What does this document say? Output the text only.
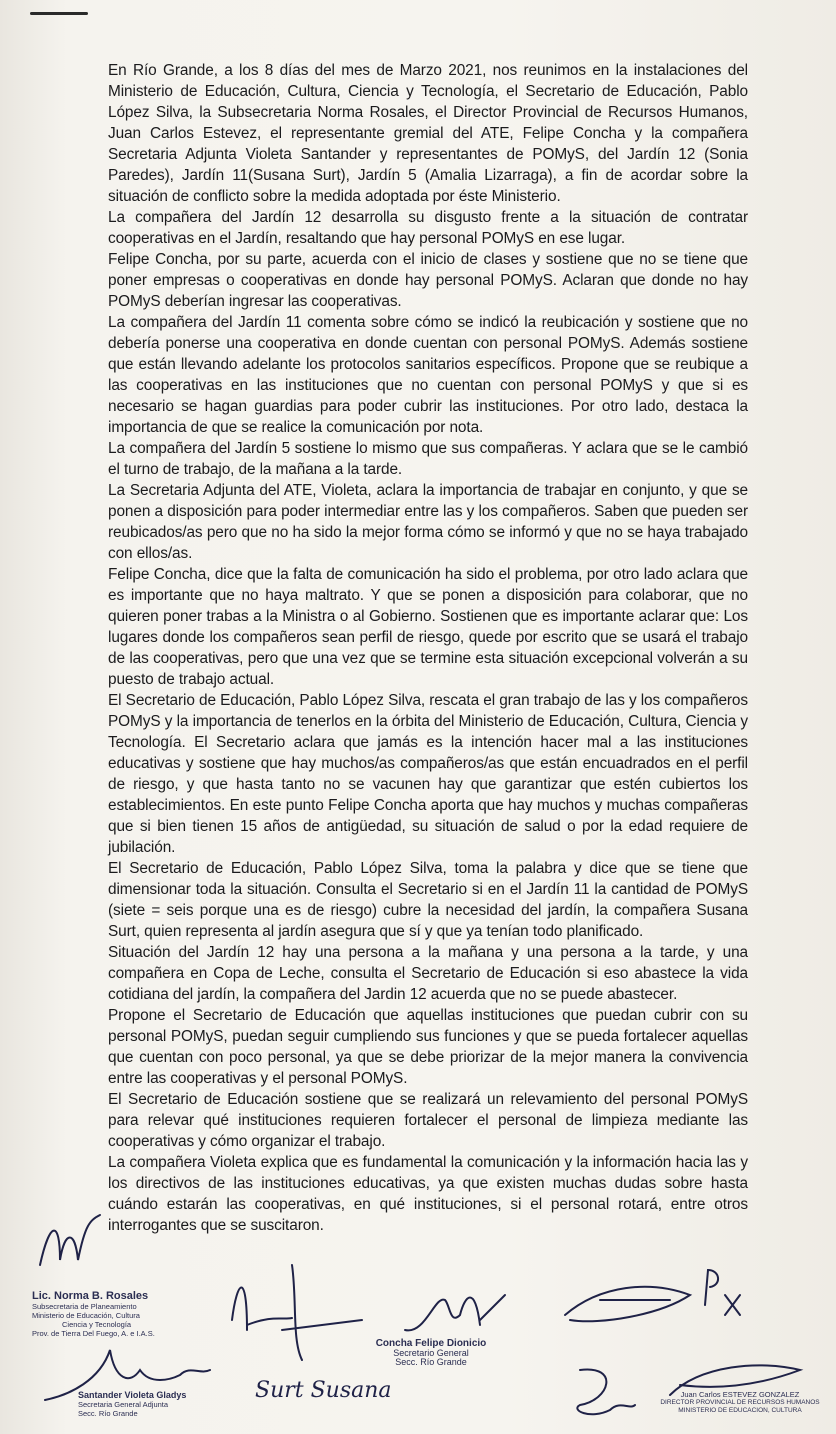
En Río Grande, a los 8 días del mes de Marzo 2021, nos reunimos en la instalaciones del Ministerio de Educación, Cultura, Ciencia y Tecnología, el Secretario de Educación, Pablo López Silva, la Subsecretaria Norma Rosales, el Director Provincial de Recursos Humanos, Juan Carlos Estevez, el representante gremial del ATE, Felipe Concha y la compañera Secretaria Adjunta Violeta Santander y representantes de POMyS, del Jardín 12 (Sonia Paredes), Jardín 11(Susana Surt), Jardín 5 (Amalia Lizarraga), a fin de acordar sobre la situación de conflicto sobre la medida adoptada por éste Ministerio.

La compañera del Jardín 12 desarrolla su disgusto frente a la situación de contratar cooperativas en el Jardín, resaltando que hay personal POMyS en ese lugar.

Felipe Concha, por su parte, acuerda con el inicio de clases y sostiene que no se tiene que poner empresas o cooperativas en donde hay personal POMyS. Aclaran que donde no hay POMyS deberían ingresar las cooperativas.

La compañera del Jardín 11 comenta sobre cómo se indicó la reubicación y sostiene que no debería ponerse una cooperativa en donde cuentan con personal POMyS. Además sostiene que están llevando adelante los protocolos sanitarios específicos. Propone que se reubique a las cooperativas en las instituciones que no cuentan con personal POMyS y que si es necesario se hagan guardias para poder cubrir las instituciones. Por otro lado, destaca la importancia de que se realice la comunicación por nota.

La compañera del Jardín 5 sostiene lo mismo que sus compañeras. Y aclara que se le cambió el turno de trabajo, de la mañana a la tarde.

La Secretaria Adjunta del ATE, Violeta, aclara la importancia de trabajar en conjunto, y que se ponen a disposición para poder intermediar entre las y los compañeros. Saben que pueden ser reubicados/as pero que no ha sido la mejor forma cómo se informó y que no se haya trabajado con ellos/as.

Felipe Concha, dice que la falta de comunicación ha sido el problema, por otro lado aclara que es importante que no haya maltrato. Y que se ponen a disposición para colaborar, que no quieren poner trabas a la Ministra o al Gobierno. Sostienen que es importante aclarar que: Los lugares donde los compañeros sean perfil de riesgo, quede por escrito que se usará el trabajo de las cooperativas, pero que una vez que se termine esta situación excepcional volverán a su puesto de trabajo actual.

El Secretario de Educación, Pablo López Silva, rescata el gran trabajo de las y los compañeros POMyS y la importancia de tenerlos en la órbita del Ministerio de Educación, Cultura, Ciencia y Tecnología. El Secretario aclara que jamás es la intención hacer mal a las instituciones educativas y sostiene que hay muchos/as compañeros/as que están encuadrados en el perfil de riesgo, y que hasta tanto no se vacunen hay que garantizar que estén cubiertos los establecimientos. En este punto Felipe Concha aporta que hay muchos y muchas compañeras que si bien tienen 15 años de antigüedad, su situación de salud o por la edad requiere de jubilación.

El Secretario de Educación, Pablo López Silva, toma la palabra y dice que se tiene que dimensionar toda la situación. Consulta el Secretario si en el Jardín 11 la cantidad de POMyS (siete = seis porque una es de riesgo) cubre la necesidad del jardín, la compañera Susana Surt, quien representa al jardín asegura que sí y que ya tenían todo planificado.

Situación del Jardín 12 hay una persona a la mañana y una persona a la tarde, y una compañera en Copa de Leche, consulta el Secretario de Educación si eso abastece la vida cotidiana del jardín, la compañera del Jardin 12 acuerda que no se puede abastecer.

Propone el Secretario de Educación que aquellas instituciones que puedan cubrir con su personal POMyS, puedan seguir cumpliendo sus funciones y que se pueda fortalecer aquellas que cuentan con poco personal, ya que se debe priorizar de la mejor manera la convivencia entre las cooperativas y el personal POMyS.

El Secretario de Educación sostiene que se realizará un relevamiento del personal POMyS para relevar qué instituciones requieren fortalecer el personal de limpieza mediante las cooperativas y cómo organizar el trabajo.

La compañera Violeta explica que es fundamental la comunicación y la información hacia las y los directivos de las instituciones educativas, ya que existen muchas dudas sobre hasta cuándo estarán las cooperativas, en qué instituciones, si el personal rotará, entre otros interrogantes que se suscitaron.

Lic. Norma B. Rosales
Subsecretaria de Planeamiento
Ministerio de Educación, Cultura
Ciencia y Tecnología
Prov. de Tierra Del Fuego, A. e I.A.S.
Santander Violeta Gladys
Secretaria General Adjunta
Secc. Río Grande
Surt Susana
Concha Felipe Dionicio
Secretario General
Secc. Río Grande
Juan Carlos ESTEVEZ GONZALEZ
DIRECTOR PROVINCIAL DE RECURSOS HUMANOS
MINISTERIO DE EDUCACION, CULTURA
